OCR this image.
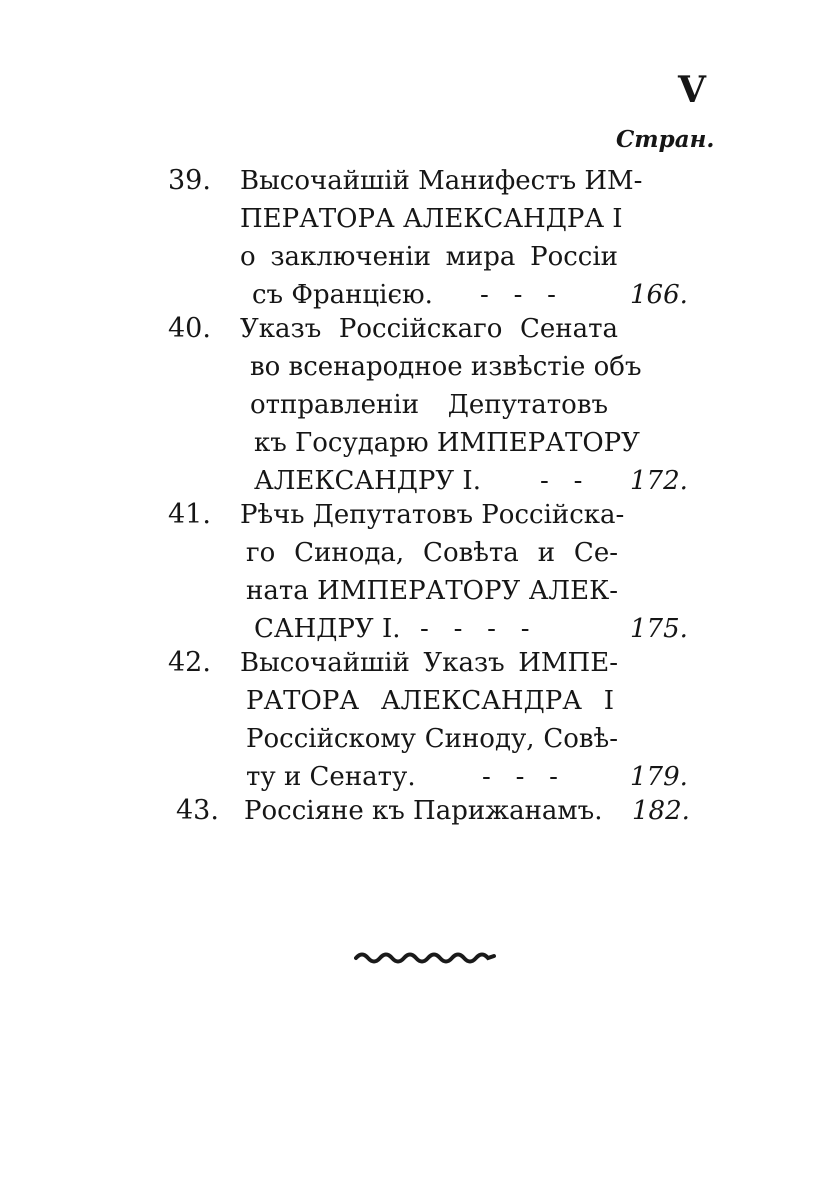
V
Стран.
39. Высочайшій Манифестъ ИМ-
ПЕРАТОРА АЛЕКСАНДРА I
о заключеніи мира Россіи
съ Францією.	-   -   -	166.
40. Указъ Россійскаго Сената
во всенародное извѣстіе объ
отправленіи Депутатовъ
къ Государю ИМПЕРАТОРУ
АЛЕКСАНДРУ I.	-   - 172.
41. Рѣчь Депутатовъ Россійска-
го Синода, Совѣта и Се-
ната ИМПЕРАТОРУ АЛЕК-
САНДРУ I. -   -   -   -	175.
42. Высочайшій Указъ ИМПЕ-
РАТОРА АЛЕКСАНДРА I
Россійскому Синоду, Совѣ-
ту и Сенату.	-   -   -	179.
43. Россіяне къ Парижанамъ.	182.
